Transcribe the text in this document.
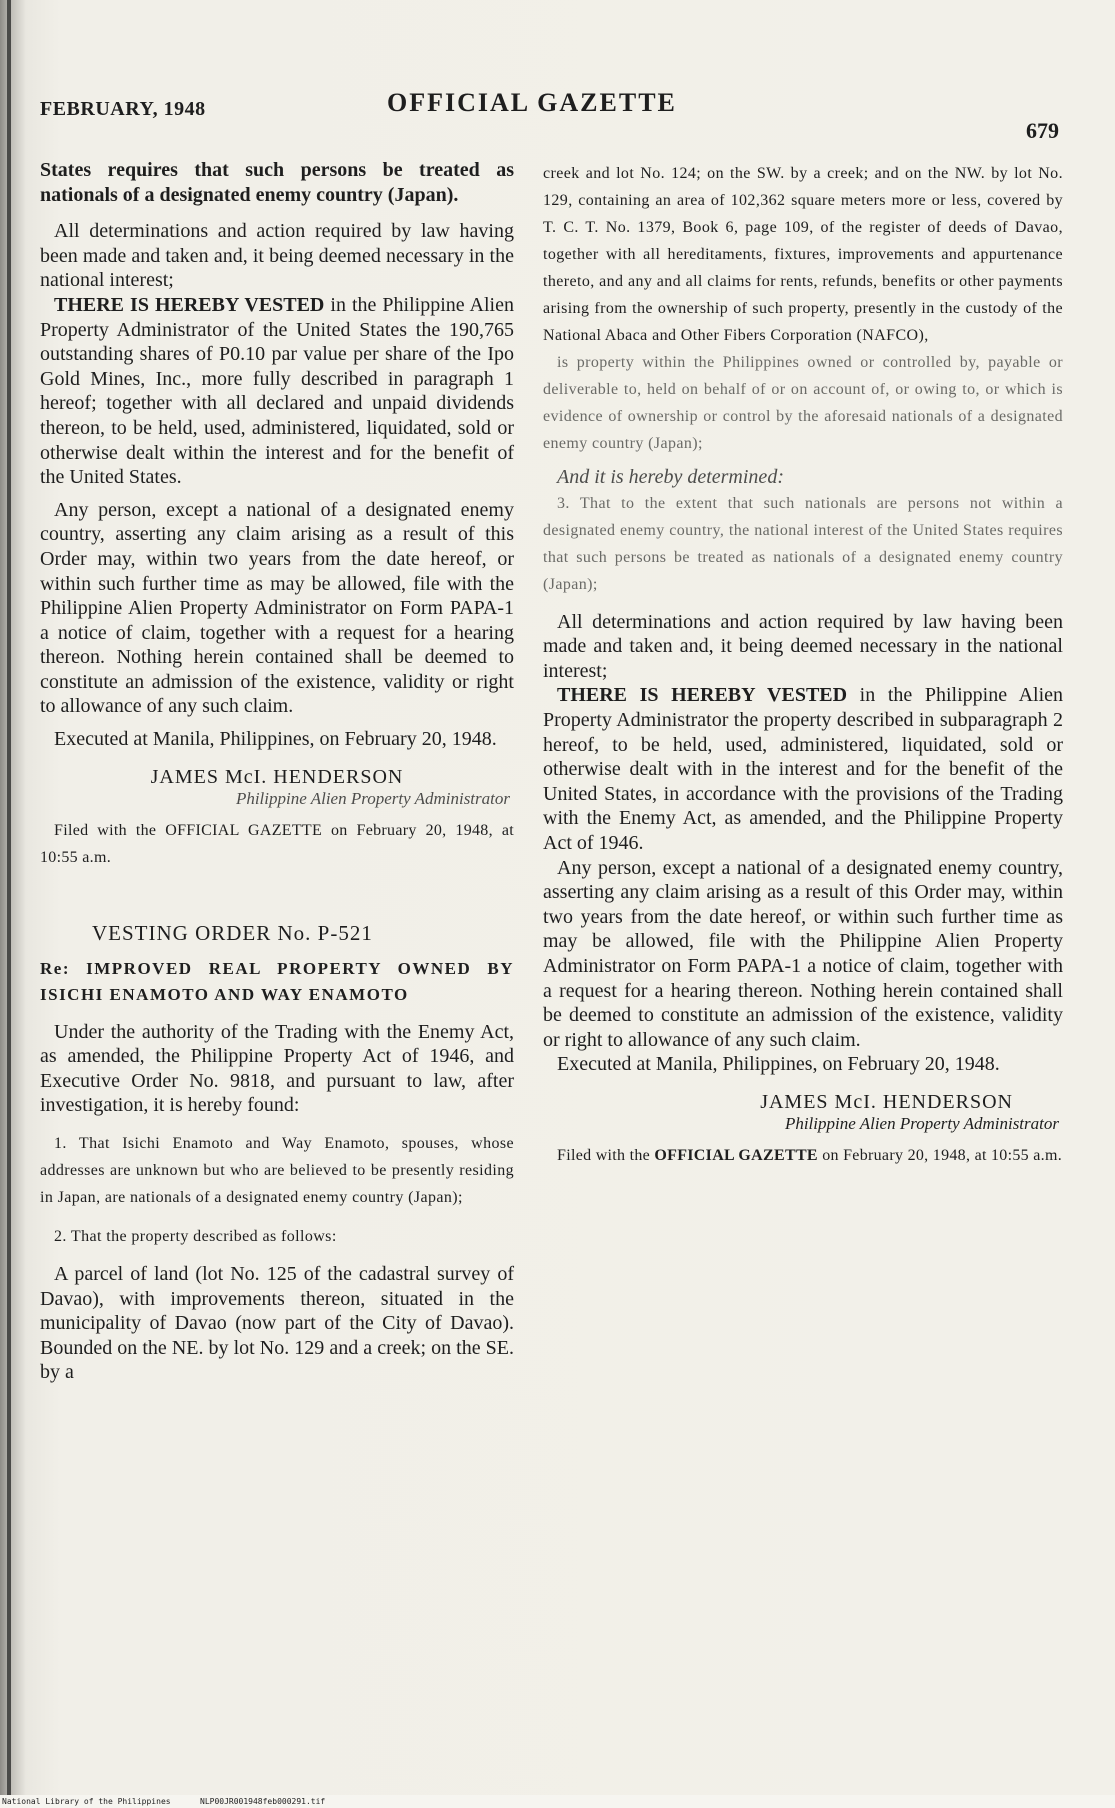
FEBRUARY, 1948	OFFICIAL GAZETTE
679

States requires that such persons be treated as nationals of a designated enemy country (Japan).

All determinations and action required by law having been made and taken and, it being deemed necessary in the national interest;

THERE IS HEREBY VESTED in the Philippine Alien Property Administrator of the United States the 190,765 outstanding shares of P0.10 par value per share of the Ipo Gold Mines, Inc., more fully described in paragraph 1 hereof; together with all declared and unpaid dividends thereon, to be held, used, administered, liquidated, sold or otherwise dealt within the interest and for the benefit of the United States.

Any person, except a national of a designated enemy country, asserting any claim arising as a result of this Order may, within two years from the date hereof, or within such further time as may be allowed, file with the Philippine Alien Property Administrator on Form PAPA-1 a notice of claim, together with a request for a hearing thereon. Nothing herein contained shall be deemed to constitute an admission of the existence, validity or right to allowance of any such claim.

Executed at Manila, Philippines, on February 20, 1948.

JAMES McI. HENDERSON
Philippine Alien Property Administrator

Filed with the OFFICIAL GAZETTE on February 20, 1948, at 10:55 a.m.

VESTING ORDER No. P-521
Re: IMPROVED REAL PROPERTY OWNED BY ISICHI ENAMOTO AND WAY ENAMOTO

Under the authority of the Trading with the Enemy Act, as amended, the Philippine Property Act of 1946, and Executive Order No. 9818, and pursuant to law, after investigation, it is hereby found:

1. That Isichi Enamoto and Way Enamoto, spouses, whose addresses are unknown but who are believed to be presently residing in Japan, are nationals of a designated enemy country (Japan);

2. That the property described as follows:

A parcel of land (lot No. 125 of the cadastral survey of Davao), with improvements thereon, situated in the municipality of Davao (now part of the City of Davao). Bounded on the NE. by lot No. 129 and a creek; on the SE. by a

creek and lot No. 124; on the SW. by a creek; and on the NW. by lot No. 129, containing an area of 102,362 square meters more or less, covered by T. C. T. No. 1379, Book 6, page 109, of the register of deeds of Davao, together with all hereditaments, fixtures, improvements and appurtenance thereto, and any and all claims for rents, refunds, benefits or other payments arising from the ownership of such property, presently in the custody of the National Abaca and Other Fibers Corporation (NAFCO),

is property within the Philippines owned or controlled by, payable or deliverable to, held on behalf of or on account of, or owing to, or which is evidence of ownership or control by the aforesaid nationals of a designated enemy country (Japan);

And it is hereby determined:

3. That to the extent that such nationals are persons not within a designated enemy country, the national interest of the United States requires that such persons be treated as nationals of a designated enemy country (Japan);

All determinations and action required by law having been made and taken and, it being deemed necessary in the national interest;

THERE IS HEREBY VESTED in the Philippine Alien Property Administrator the property described in subparagraph 2 hereof, to be held, used, administered, liquidated, sold or otherwise dealt with in the interest and for the benefit of the United States, in accordance with the provisions of the Trading with the Enemy Act, as amended, and the Philippine Property Act of 1946.

Any person, except a national of a designated enemy country, asserting any claim arising as a result of this Order may, within two years from the date hereof, or within such further time as may be allowed, file with the Philippine Alien Property Administrator on Form PAPA-1 a notice of claim, together with a request for a hearing thereon. Nothing herein contained shall be deemed to constitute an admission of the existence, validity or right to allowance of any such claim.

Executed at Manila, Philippines, on February 20, 1948.

JAMES McI. HENDERSON
Philippine Alien Property Administrator

Filed with the OFFICIAL GAZETTE on February 20, 1948, at 10:55 a.m.

National Library of the Philippines	NLP00JR001948feb000291.tif
